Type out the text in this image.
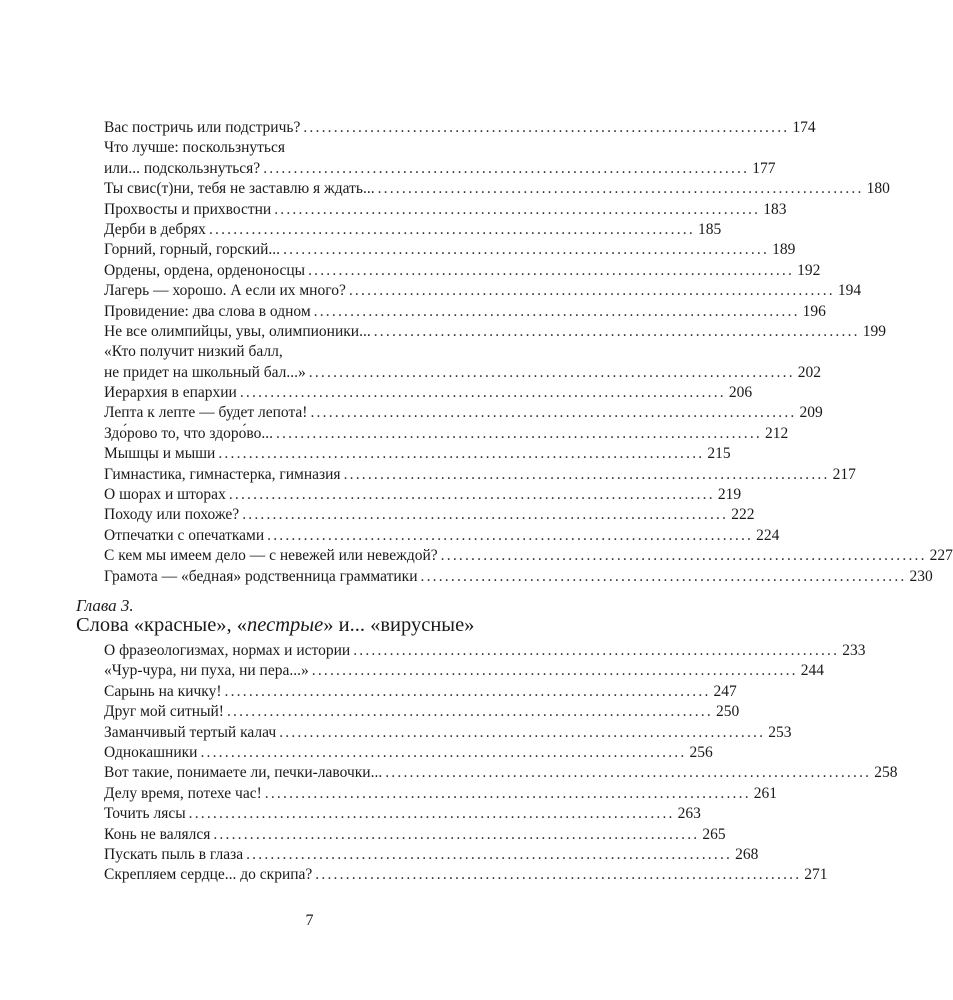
Вас постричь или подстричь? ................................................................................ 174
Что лучше: поскользнуться
или... подскользнуться? ................................................................................ 177
Ты свис(т)ни, тебя не заставлю я ждать... ................................................................................ 180
Прохвосты и прихвостни ................................................................................ 183
Дерби в дебрях ................................................................................ 185
Горний, горный, горский... ................................................................................ 189
Ордены, ордена, орденоносцы ................................................................................ 192
Лагерь — хорошо. А если их много? ................................................................................ 194
Провидение: два слова в одном ................................................................................ 196
Не все олимпийцы, увы, олимпионики... ................................................................................ 199
«Кто получит низкий балл,
не придет на школьный бал...» ................................................................................ 202
Иерархия в епархии ................................................................................ 206
Лепта к лепте — будет лепота! ................................................................................ 209
Здо́рово то, что здоро́во... ................................................................................ 212
Мышцы и мыши ................................................................................ 215
Гимнастика, гимнастерка, гимназия ................................................................................ 217
О шорах и шторах ................................................................................ 219
Походу или похоже? ................................................................................ 222
Отпечатки с опечатками ................................................................................ 224
С кем мы имеем дело — с невежей или невеждой? ................................................................................ 227
Грамота — «бедная» родственница грамматики ................................................................................ 230
Глава 3.
Слова «красные», «пестрые» и... «вирусные»
О фразеологизмах, нормах и истории ................................................................................ 233
«Чур-чура, ни пуха, ни пера...» ................................................................................ 244
Сарынь на кичку! ................................................................................ 247
Друг мой ситный! ................................................................................ 250
Заманчивый тертый калач ................................................................................ 253
Однокашники ................................................................................ 256
Вот такие, понимаете ли, печки-лавочки... ................................................................................ 258
Делу время, потехе час! ................................................................................ 261
Точить лясы ................................................................................ 263
Конь не валялся ................................................................................ 265
Пускать пыль в глаза ................................................................................ 268
Скрепляем сердце... до скрипа? ................................................................................ 271
7
